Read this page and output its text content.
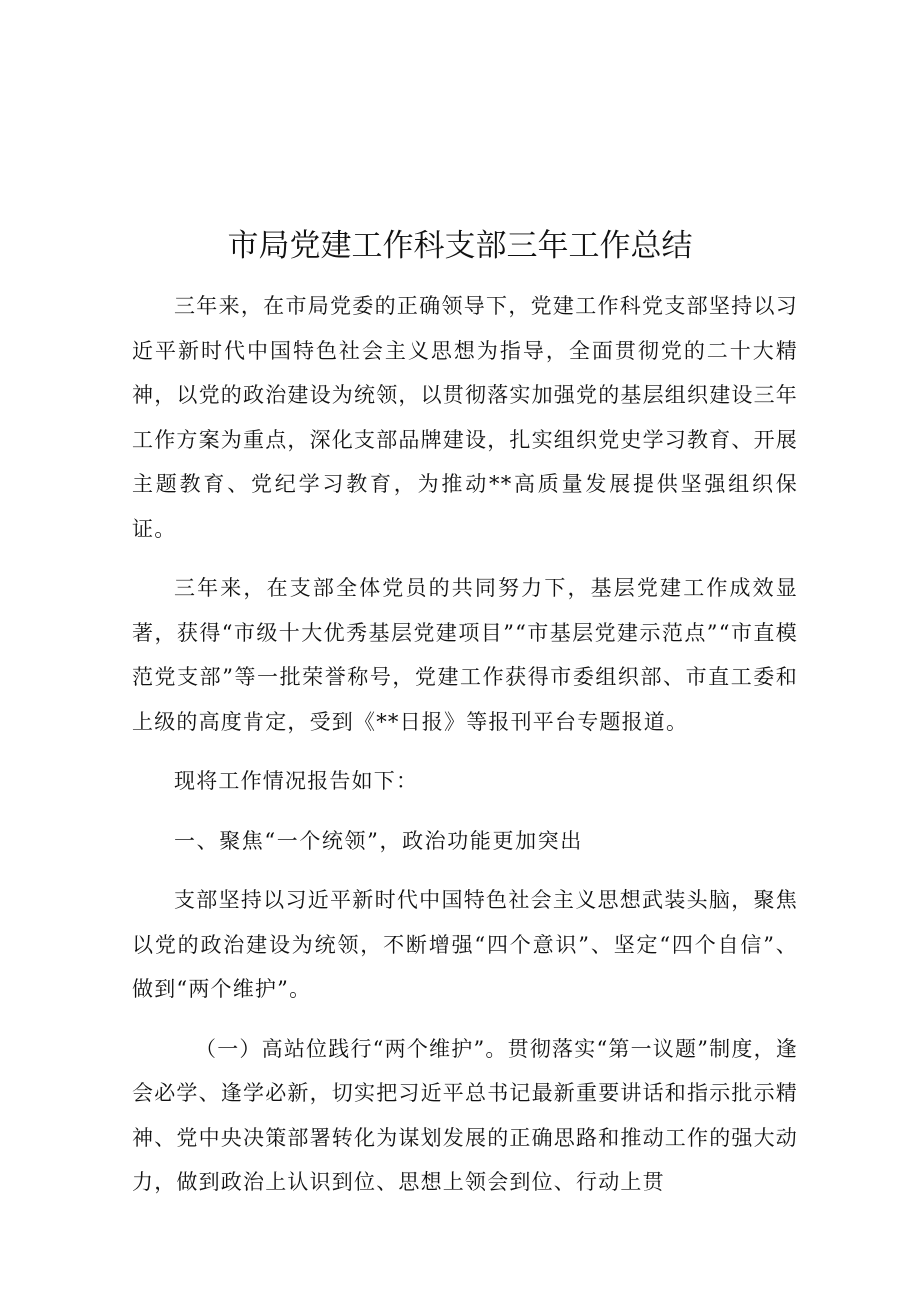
市局党建工作科支部三年工作总结

三年来，在市局党委的正确领导下，党建工作科党支部坚持以习近平新时代中国特色社会主义思想为指导，全面贯彻党的二十大精神，以党的政治建设为统领，以贯彻落实加强党的基层组织建设三年工作方案为重点，深化支部品牌建设，扎实组织党史学习教育、开展主题教育、党纪学习教育，为推动**高质量发展提供坚强组织保证。

三年来，在支部全体党员的共同努力下，基层党建工作成效显著，获得“市级十大优秀基层党建项目”“市基层党建示范点”“市直模范党支部”等一批荣誉称号，党建工作获得市委组织部、市直工委和上级的高度肯定，受到《**日报》等报刊平台专题报道。

现将工作情况报告如下：

一、聚焦“一个统领”，政治功能更加突出

支部坚持以习近平新时代中国特色社会主义思想武装头脑，聚焦以党的政治建设为统领，不断增强“四个意识”、坚定“四个自信”、做到“两个维护”。

（一）高站位践行“两个维护”。贯彻落实“第一议题”制度，逢会必学、逢学必新，切实把习近平总书记最新重要讲话和指示批示精神、党中央决策部署转化为谋划发展的正确思路和推动工作的强大动力，做到政治上认识到位、思想上领会到位、行动上贯
